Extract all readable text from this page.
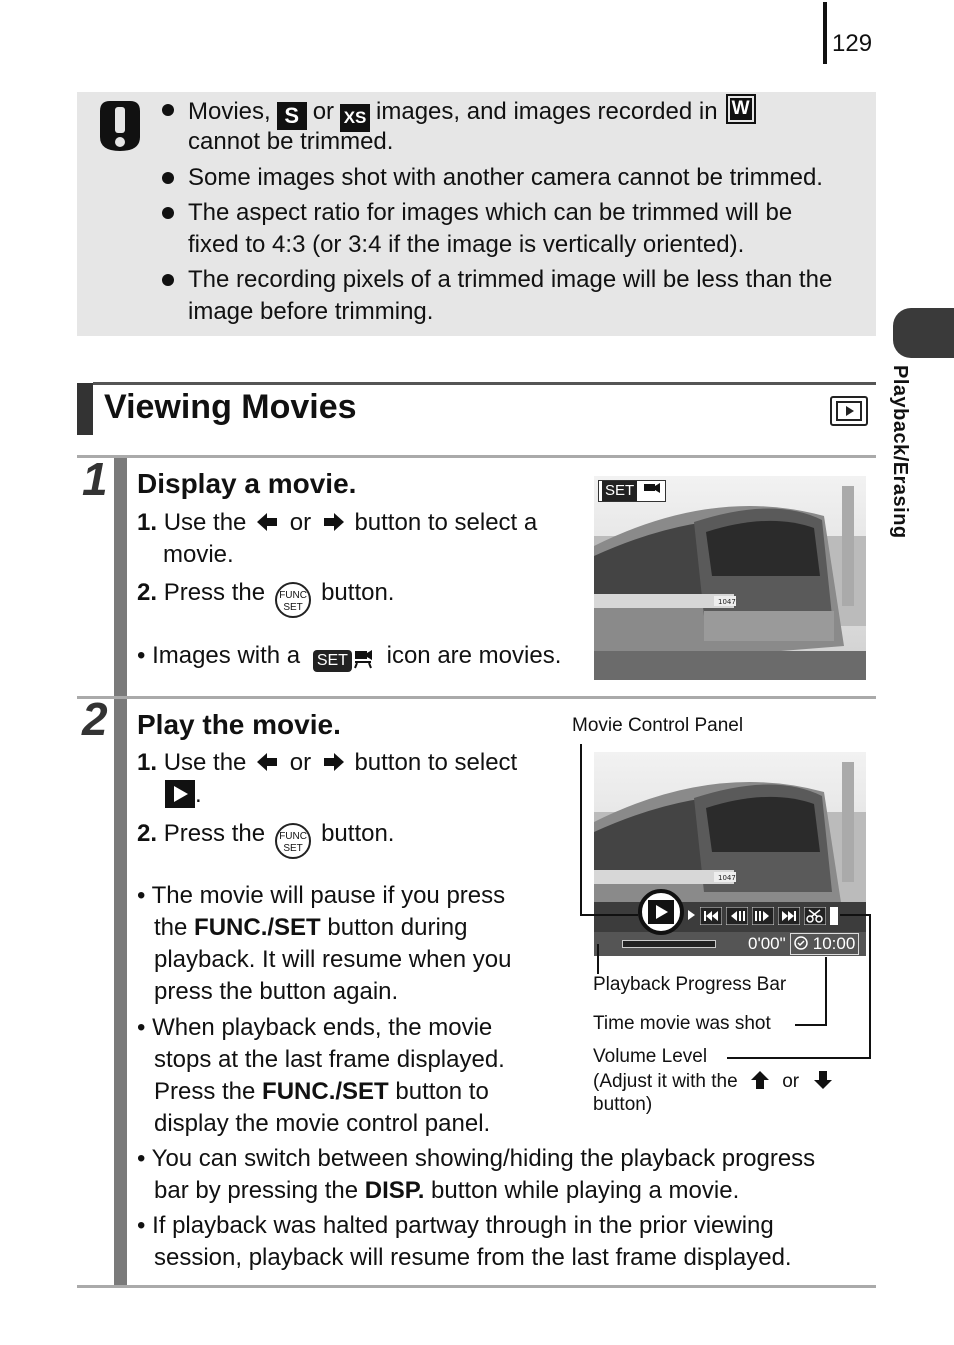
129
Playback/Erasing
Movies, S or XS images, and images recorded in W
cannot be trimmed.
Some images shot with another camera cannot be trimmed.
The aspect ratio for images which can be trimmed will be
fixed to 4:3 (or 3:4 if the image is vertically oriented).
The recording pixels of a trimmed image will be less than the
image before trimming.
Viewing Movies
1 Display a movie.
1. Use the or button to select a
movie.
2. Press the FUNC
SETbutton.
• Images with a SET icon are movies.
1047
SET
2 Play the movie.
1. Use the or button to select
.
2. Press the FUNC
SETbutton.
• The movie will pause if you press
the FUNC./SET button during
playback. It will resume when you
press the button again.
• When playback ends, the movie
stops at the last frame displayed.
Press the FUNC./SET button to
display the movie control panel.
• You can switch between showing/hiding the playback progress
bar by pressing the DISP. button while playing a movie.
• If playback was halted partway through in the prior viewing
session, playback will resume from the last frame displayed.
Movie Control Panel
1047
0'00"	10:00
Playback Progress Bar
Time movie was shot
Volume Level
(Adjust it with the or
button)
